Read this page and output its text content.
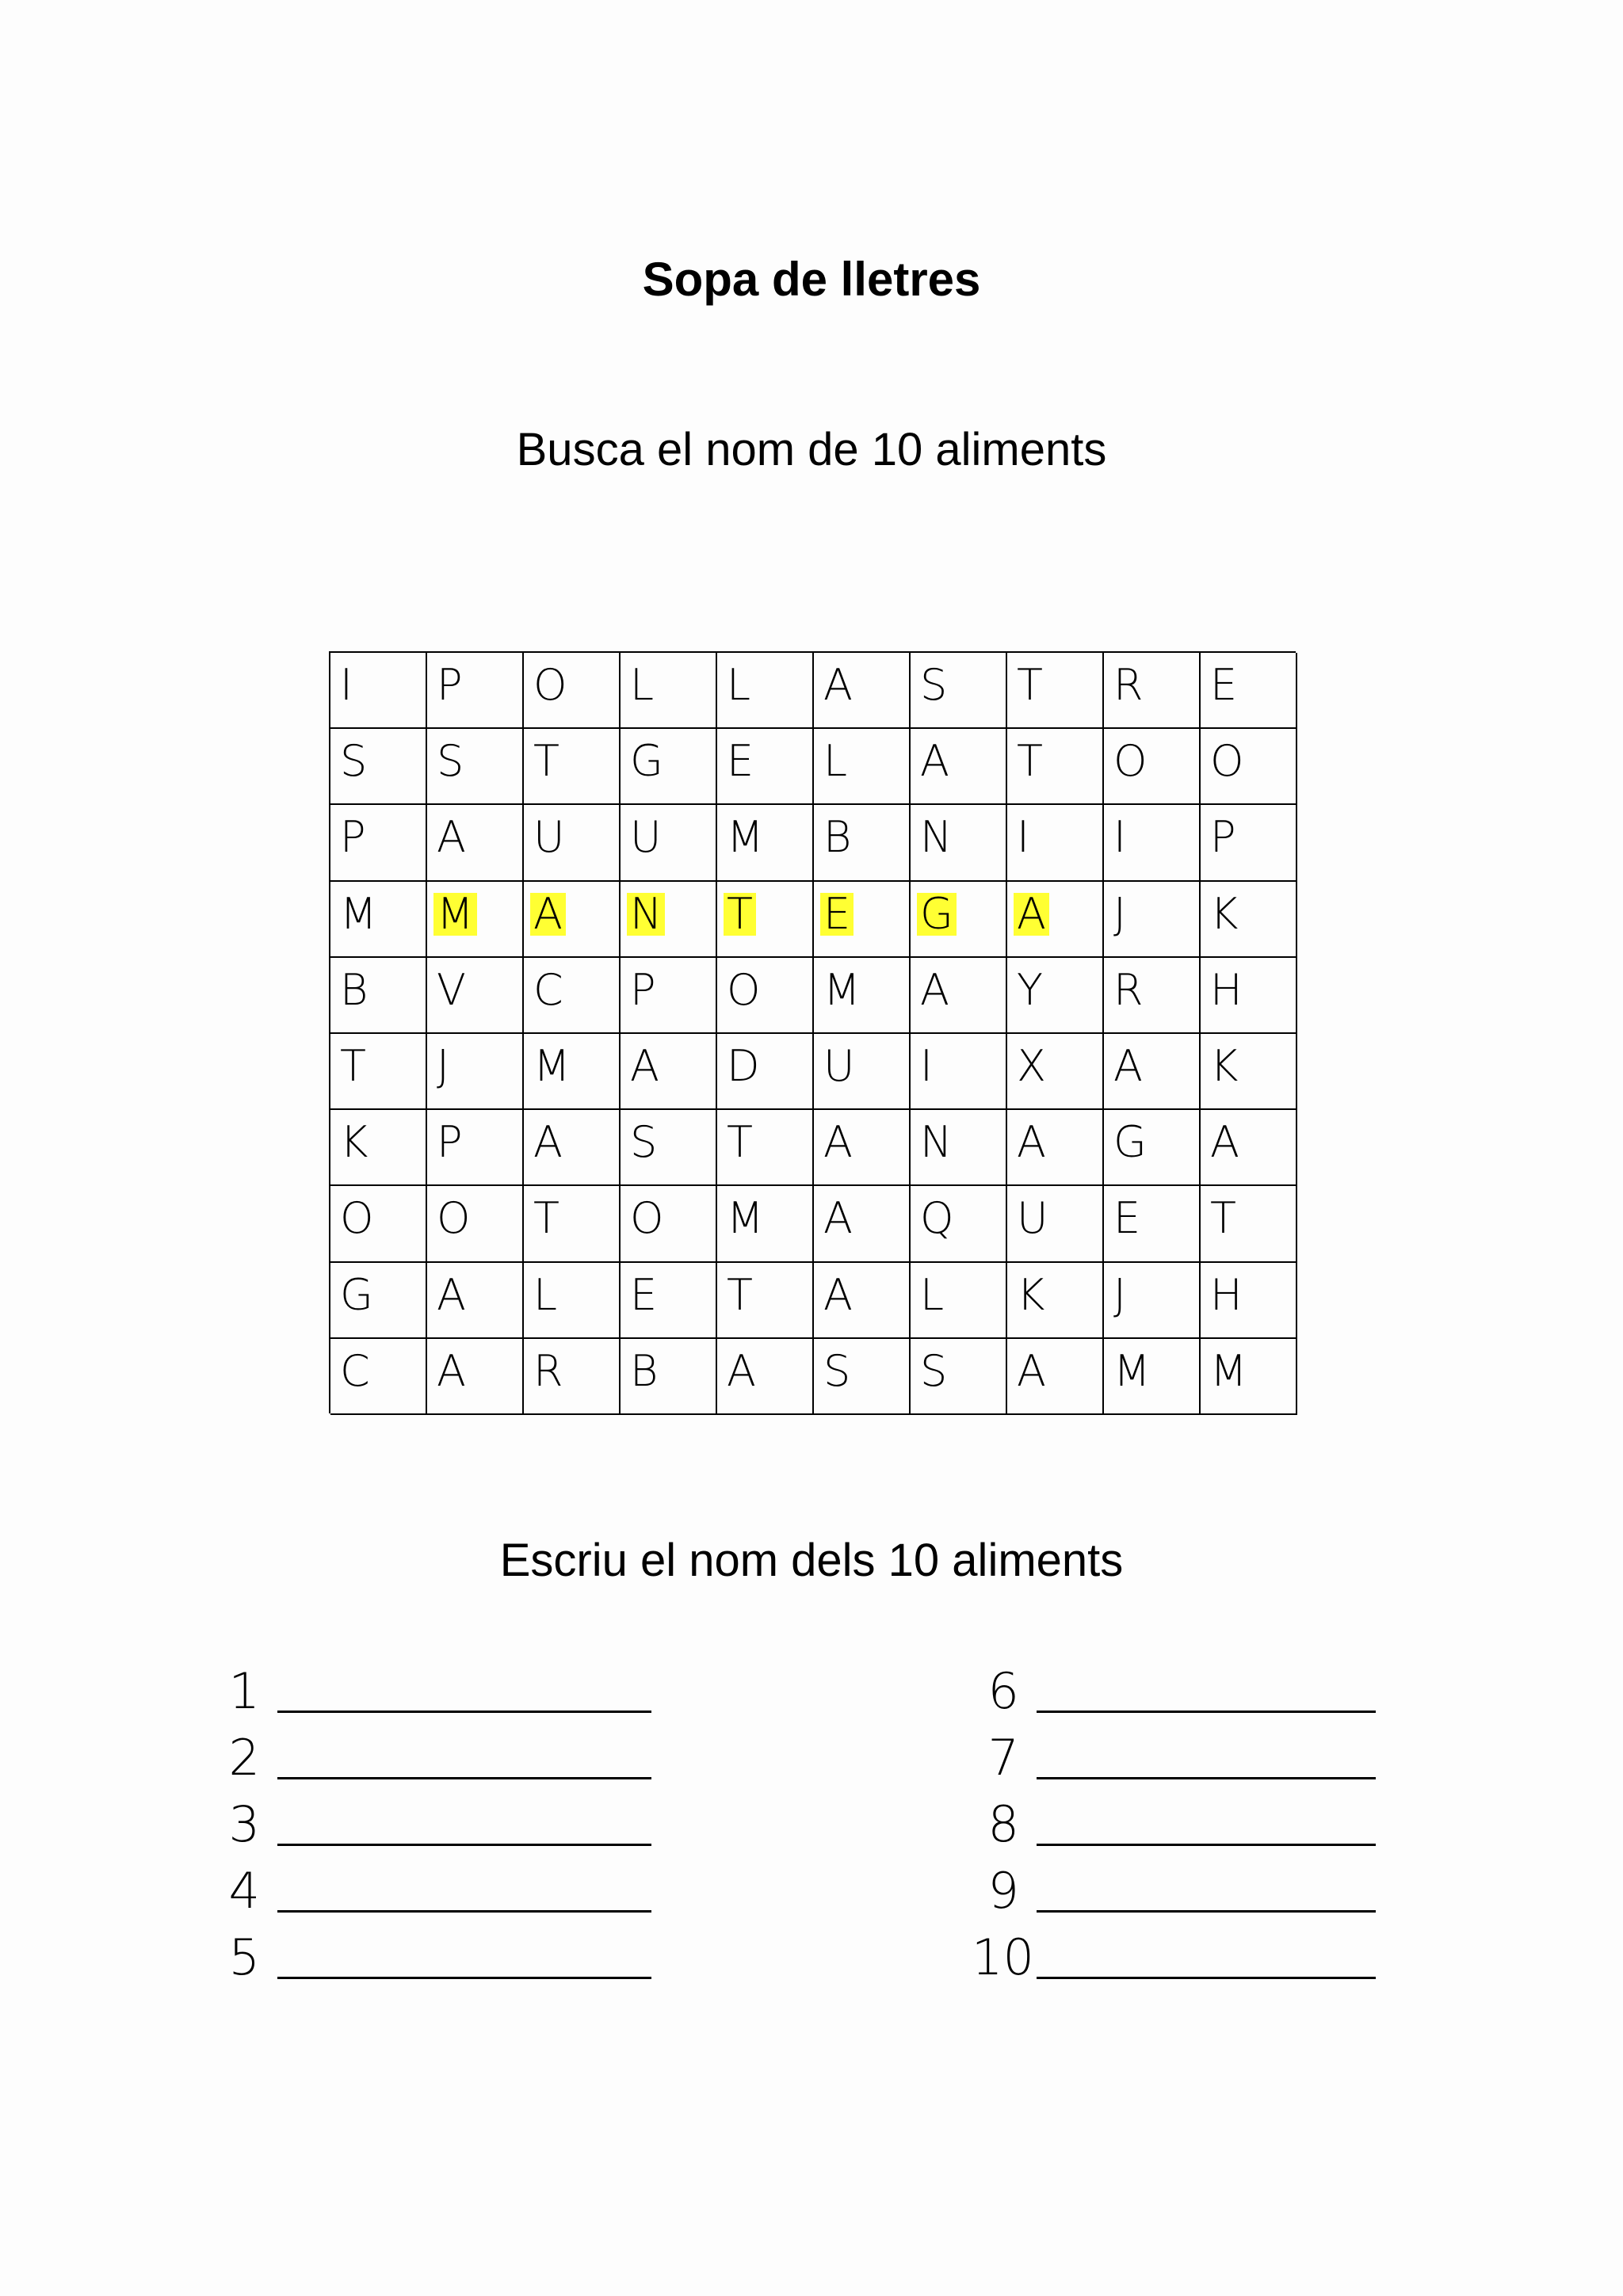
Sopa de lletres
Busca el nom de 10 aliments
I P O L L A S T R E
S S T G E L A T O O
P A U U M B N I I P
M M A N T E G A J K
B V C P O M A Y R H
T J M A D U I X A K
K P A S T A N A G A
O O T O M A Q U E T
G A L E T A L K J H
C A R B A S S A M M
Escriu el nom dels 10 aliments
1
2
3
4
5
6
7
8
9
10
